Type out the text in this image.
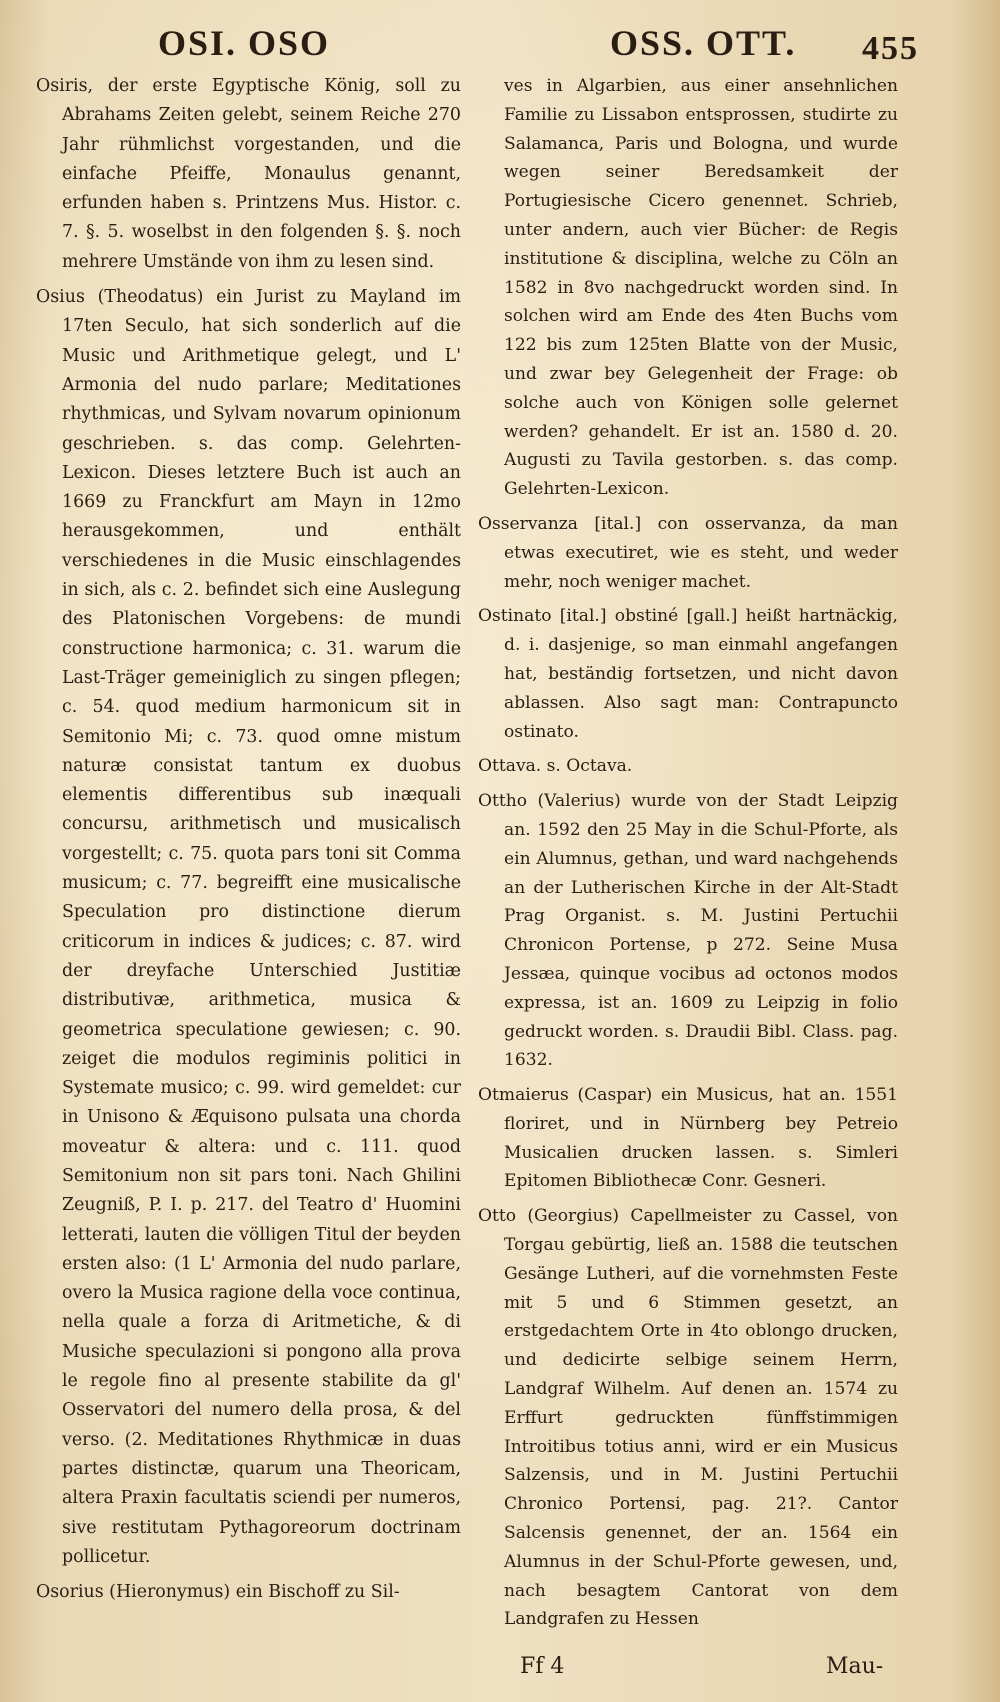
OSI. OSO	OSS. OTT. 455

Osiris, der erste Egyptische König, soll zu Abrahams Zeiten gelebt, seinem Reiche 270 Jahr rühmlichst vorgestanden, und die einfache Pfeiffe, Monaulus genannt, erfunden haben s. Printzens Mus. Histor. c. 7. §. 5. woselbst in den folgenden §. §. noch mehrere Umstände von ihm zu lesen sind.

Osius (Theodatus) ein Jurist zu Mayland im 17ten Seculo, hat sich sonderlich auf die Music und Arithmetique gelegt, und L' Armonia del nudo parlare; Meditationes rhythmicas, und Sylvam novarum opinionum geschrieben. s. das comp. Gelehrten-Lexicon. Dieses letztere Buch ist auch an 1669 zu Franckfurt am Mayn in 12mo herausgekommen, und enthält verschiedenes in die Music einschlagendes in sich, als c. 2. befindet sich eine Auslegung des Platonischen Vorgebens: de mundi constructione harmonica; c. 31. warum die Last-Träger gemeiniglich zu singen pflegen; c. 54. quod medium harmonicum sit in Semitonio Mi; c. 73. quod omne mistum naturæ consistat tantum ex duobus elementis differentibus sub inæquali concursu, arithmetisch und musicalisch vorgestellt; c. 75. quota pars toni sit Comma musicum; c. 77. begreifft eine musicalische Speculation pro distinctione dierum criticorum in indices & judices; c. 87. wird der dreyfache Unterschied Justitiæ distributivæ, arithmetica, musica & geometrica speculatione gewiesen; c. 90. zeiget die modulos regiminis politici in Systemate musico; c. 99. wird gemeldet: cur in Unisono & Æquisono pulsata una chorda moveatur & altera: und c. 111. quod Semitonium non sit pars toni. Nach Ghilini Zeugniß, P. I. p. 217. del Teatro d' Huomini letterati, lauten die völligen Titul der beyden ersten also: (1 L' Armonia del nudo parlare, overo la Musica ragione della voce continua, nella quale a forza di Aritmetiche, & di Musiche speculazioni si pongono alla prova le regole fino al presente stabilite da gl' Osservatori del numero della prosa, & del verso. (2. Meditationes Rhythmicæ in duas partes distinctæ, quarum una Theoricam, altera Praxin facultatis sciendi per numeros, sive restitutam Pythagoreorum doctrinam pollicetur.

Osorius (Hieronymus) ein Bischoff zu Sil-

ves in Algarbien, aus einer ansehnlichen Familie zu Lissabon entsprossen, studirte zu Salamanca, Paris und Bologna, und wurde wegen seiner Beredsamkeit der Portugiesische Cicero genennet. Schrieb, unter andern, auch vier Bücher: de Regis institutione & disciplina, welche zu Cöln an 1582 in 8vo nachgedruckt worden sind. In solchen wird am Ende des 4ten Buchs vom 122 bis zum 125ten Blatte von der Music, und zwar bey Gelegenheit der Frage: ob solche auch von Königen solle gelernet werden? gehandelt. Er ist an. 1580 d. 20. Augusti zu Tavila gestorben. s. das comp. Gelehrten-Lexicon.

Osservanza [ital.] con osservanza, da man etwas executiret, wie es steht, und weder mehr, noch weniger machet.

Ostinato [ital.] obstiné [gall.] heißt hartnäckig, d. i. dasjenige, so man einmahl angefangen hat, beständig fortsetzen, und nicht davon ablassen. Also sagt man: Contrapuncto ostinato.

Ottava. s. Octava.

Ottho (Valerius) wurde von der Stadt Leipzig an. 1592 den 25 May in die Schul-Pforte, als ein Alumnus, gethan, und ward nachgehends an der Lutherischen Kirche in der Alt-Stadt Prag Organist. s. M. Justini Pertuchii Chronicon Portense, p 272. Seine Musa Jessæa, quinque vocibus ad octonos modos expressa, ist an. 1609 zu Leipzig in folio gedruckt worden. s. Draudii Bibl. Class. pag. 1632.

Otmaierus (Caspar) ein Musicus, hat an. 1551 floriret, und in Nürnberg bey Petreio Musicalien drucken lassen. s. Simleri Epitomen Bibliothecæ Conr. Gesneri.

Otto (Georgius) Capellmeister zu Cassel, von Torgau gebürtig, ließ an. 1588 die teutschen Gesänge Lutheri, auf die vornehmsten Feste mit 5 und 6 Stimmen gesetzt, an erstgedachtem Orte in 4to oblongo drucken, und dedicirte selbige seinem Herrn, Landgraf Wilhelm. Auf denen an. 1574 zu Erffurt gedruckten fünffstimmigen Introitibus totius anni, wird er ein Musicus Salzensis, und in M. Justini Pertuchii Chronico Portensi, pag. 21?. Cantor Salcensis genennet, der an. 1564 ein Alumnus in der Schul-Pforte gewesen, und, nach besagtem Cantorat von dem Landgrafen zu Hessen

Ff 4	Mau-
